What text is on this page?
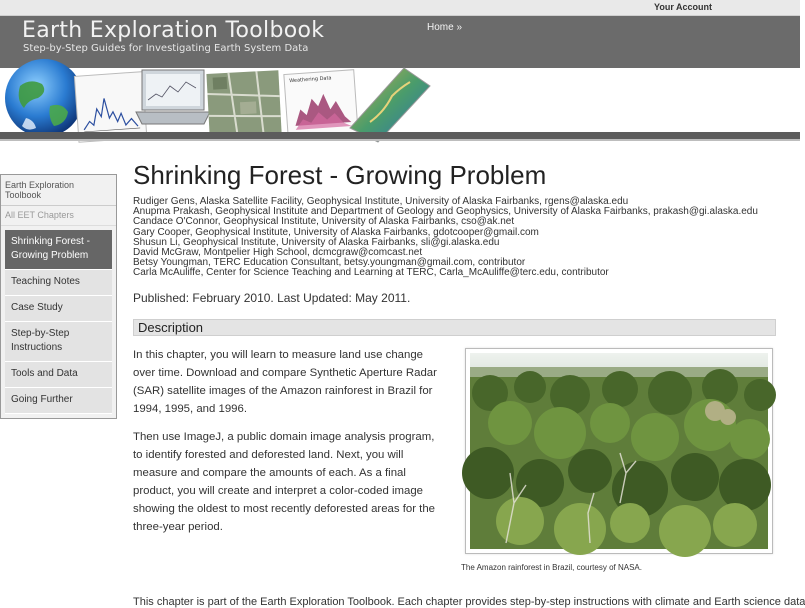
Your Account
Earth Exploration Toolbook
Step-by-Step Guides for Investigating Earth System Data
Home »
Weathering Data
Earth Exploration Toolbook
All EET Chapters
Shrinking Forest - Growing Problem
Teaching Notes
Case Study
Step-by-Step Instructions
Tools and Data
Going Further
Shrinking Forest - Growing Problem
Rudiger Gens, Alaska Satellite Facility, Geophysical Institute, University of Alaska Fairbanks, rgens@alaska.edu
Anupma Prakash, Geophysical Institute and Department of Geology and Geophysics, University of Alaska Fairbanks, prakash@gi.alaska.edu
Candace O'Connor, Geophysical Institute, University of Alaska Fairbanks, cso@ak.net
Gary Cooper, Geophysical Institute, University of Alaska Fairbanks, gdotcooper@gmail.com
Shusun Li, Geophysical Institute, University of Alaska Fairbanks, sli@gi.alaska.edu
David McGraw, Montpelier High School, dcmcgraw@comcast.net
Betsy Youngman, TERC Education Consultant, betsy.youngman@gmail.com, contributor
Carla McAuliffe, Center for Science Teaching and Learning at TERC, Carla_McAuliffe@terc.edu, contributor
Published: February 2010. Last Updated: May 2011.
Description

In this chapter, you will learn to measure land use change over time. Download and compare Synthetic Aperture Radar (SAR) satellite images of the Amazon rainforest in Brazil for 1994, 1995, and 1996.

Then use ImageJ, a public domain image analysis program, to identify forested and deforested land. Next, you will measure and compare the amounts of each. As a final product, you will create and interpret a color-coded image showing the oldest to most recently deforested areas for the three-year period.

The Amazon rainforest in Brazil, courtesy of NASA.
This chapter is part of the Earth Exploration Toolbook. Each chapter provides step-by-step instructions with climate and Earth science data
